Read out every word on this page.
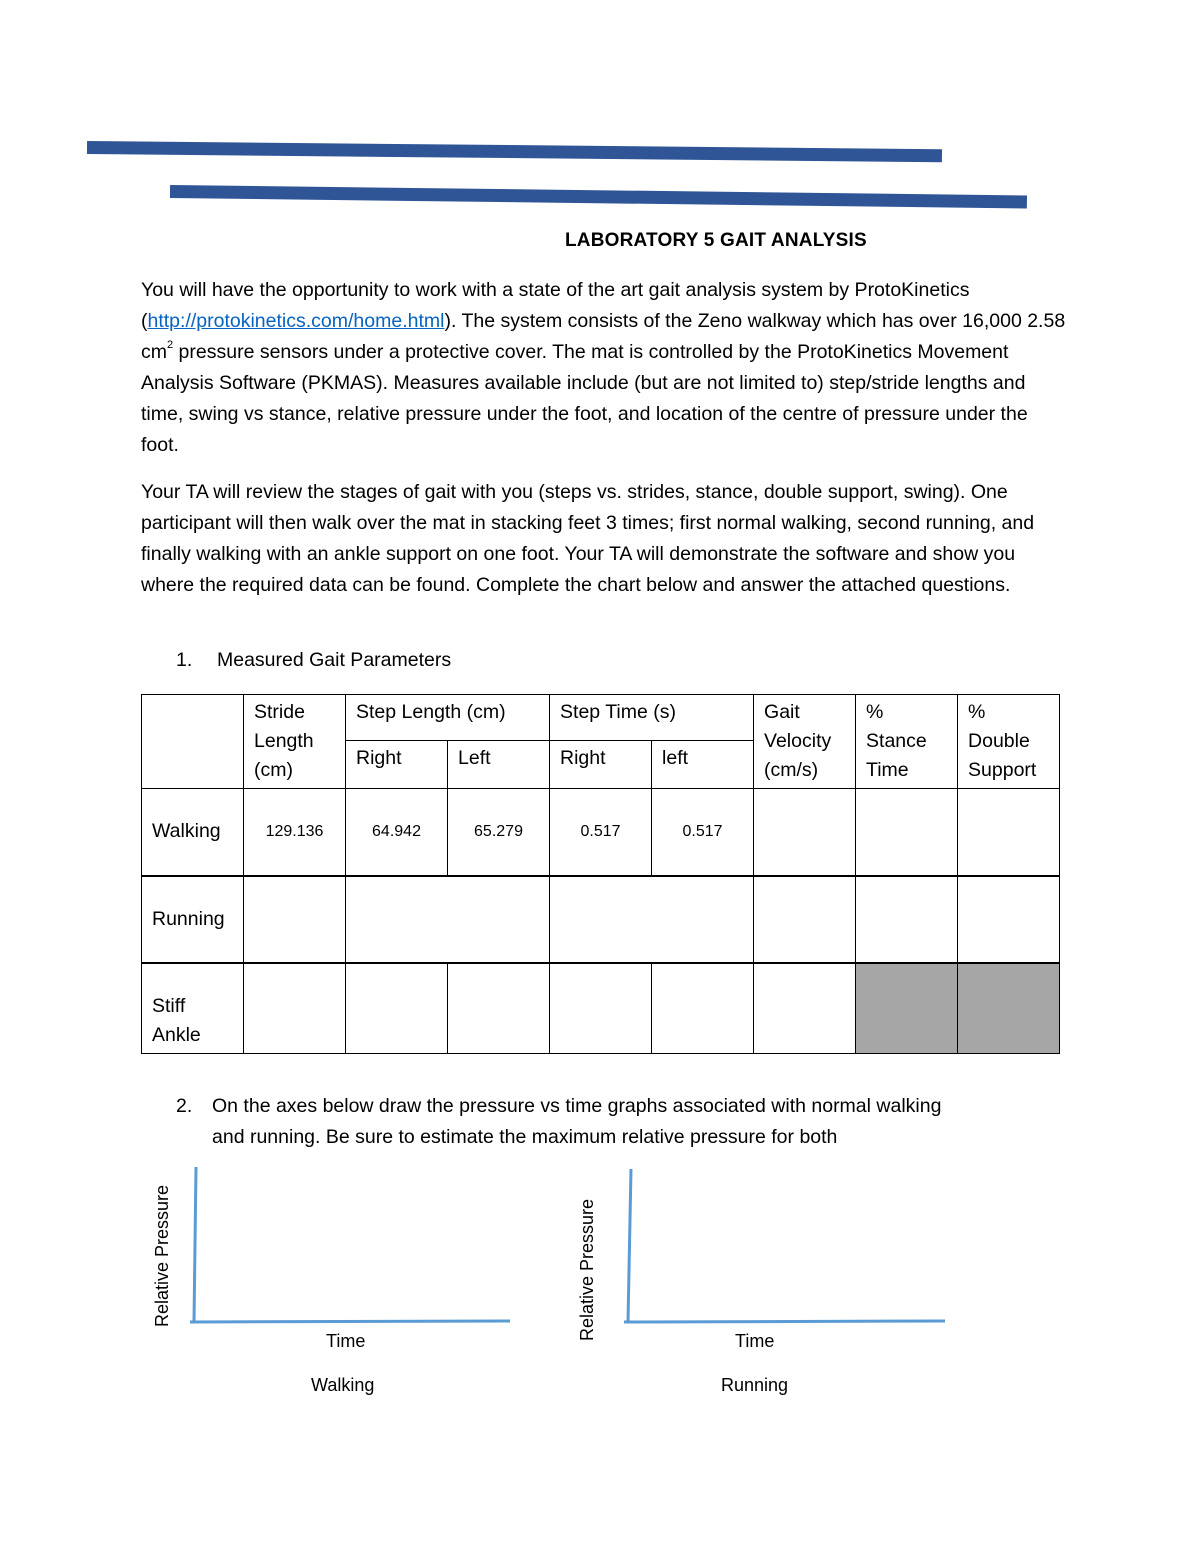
LABORATORY 5 GAIT ANALYSIS
You will have the opportunity to work with a state of the art gait analysis system by ProtoKinetics (http://protokinetics.com/home.html). The system consists of the Zeno walkway which has over 16,000 2.58 $cm^2$ pressure sensors under a protective cover. The mat is controlled by the ProtoKinetics Movement Analysis Software (PKMAS). Measures available include (but are not limited to) step/stride lengths and time, swing vs stance, relative pressure under the foot, and location of the centre of pressure under the foot.
Your TA will review the stages of gait with you (steps vs. strides, stance, double support, swing). One participant will then walk over the mat in stacking feet 3 times; first normal walking, second running, and finally walking with an ankle support on one foot. Your TA will demonstrate the software and show you where the required data can be found. Complete the chart below and answer the attached questions.
1. Measured Gait Parameters
	Stride Length (cm)	Step Length (cm)		Step Time (s)		Gait Velocity (cm/s)	% Stance Time	% Double Support
		Right	Left	Right	left			
Walking	129.136	64.942	65.279	0.517	0.517			
Running								
Stiff Ankle								
2. On the axes below draw the pressure vs time graphs associated with normal walking
and running. Be sure to estimate the maximum relative pressure for both
Relative Pressure
Time
Walking
Relative Pressure	Time
Running
